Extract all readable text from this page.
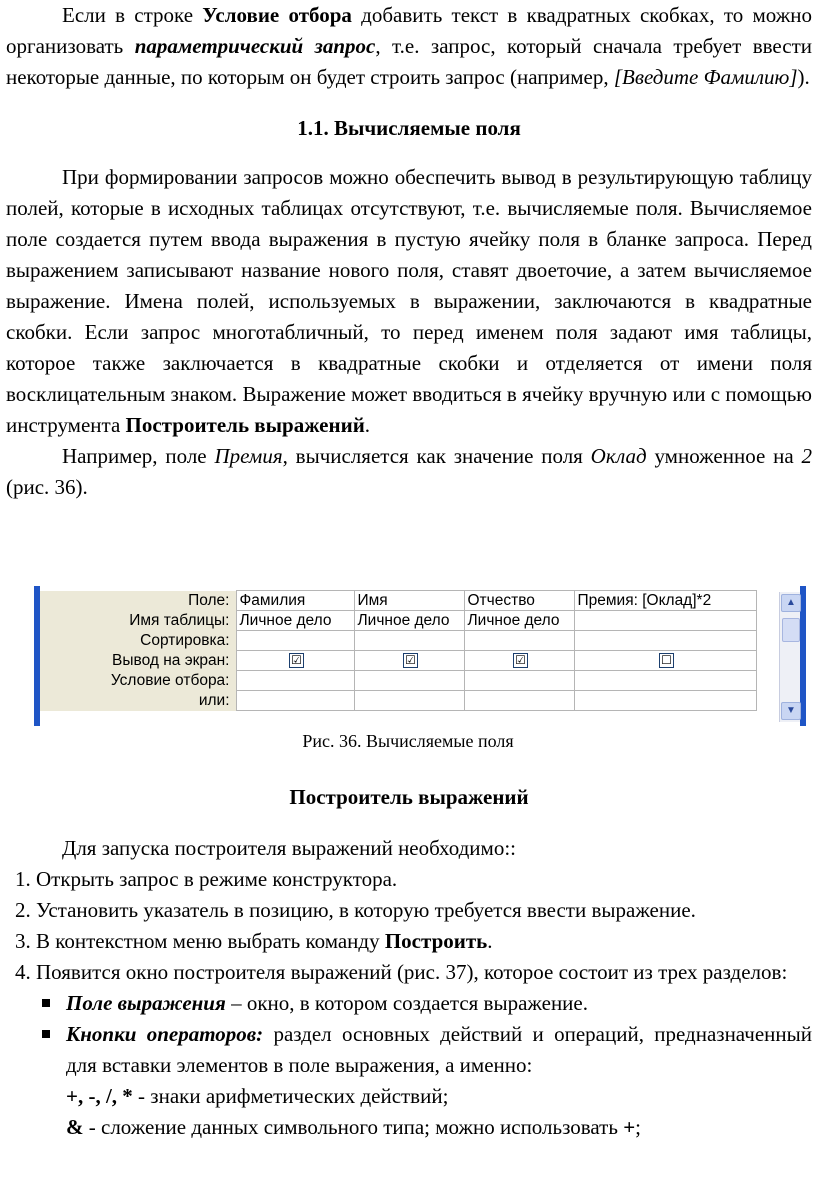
Если в строке Условие отбора добавить текст в квадратных скобках, то можно организовать параметрический запрос, т.е. запрос, который сначала требует ввести некоторые данные, по которым он будет строить запрос (например, [Введите Фамилию]).

1.1. Вычисляемые поля

При формировании запросов можно обеспечить вывод в результирующую таблицу полей, которые в исходных таблицах отсутствуют, т.е. вычисляемые поля. Вычисляемое поле создается путем ввода выражения в пустую ячейку поля в бланке запроса. Перед выражением записывают название нового поля, ставят двоеточие, а затем вычисляемое выражение. Имена полей, используемых в выражении, заключаются в квадратные скобки. Если запрос многотабличный, то перед именем поля задают имя таблицы, которое также заключается в квадратные скобки и отделяется от имени поля восклицательным знаком. Выражение может вводиться в ячейку вручную или с помощью инструмента Построитель выражений.

Например, поле Премия, вычисляется как значение поля Оклад умноженное на 2 (рис. 36).

Поле:	Фамилия	Имя	Отчество	Премия: [Оклад]*2
Имя таблицы:	Личное дело	Личное дело	Личное дело	
Сортировка:				
Вывод на экран:	☑	☑	☑	☐
Условие отбора:				
или:				
▲
▼
Рис. 36. Вычисляемые поля

Построитель выражений

Для запуска построителя выражений необходимо::

1. Открыть запрос в режиме конструктора.
2. Установить указатель в позицию, в которую требуется ввести выражение.
3. В контекстном меню выбрать команду Построить.
4. Появится окно построителя выражений (рис. 37), которое состоит из трех разделов:
Поле выражения – окно, в котором создается выражение.
Кнопки операторов: раздел основных действий и операций, предназначенный для вставки элементов в поле выражения, а именно:

+, -, /, * - знаки арифметических действий;

& - сложение данных символьного типа; можно использовать +;
